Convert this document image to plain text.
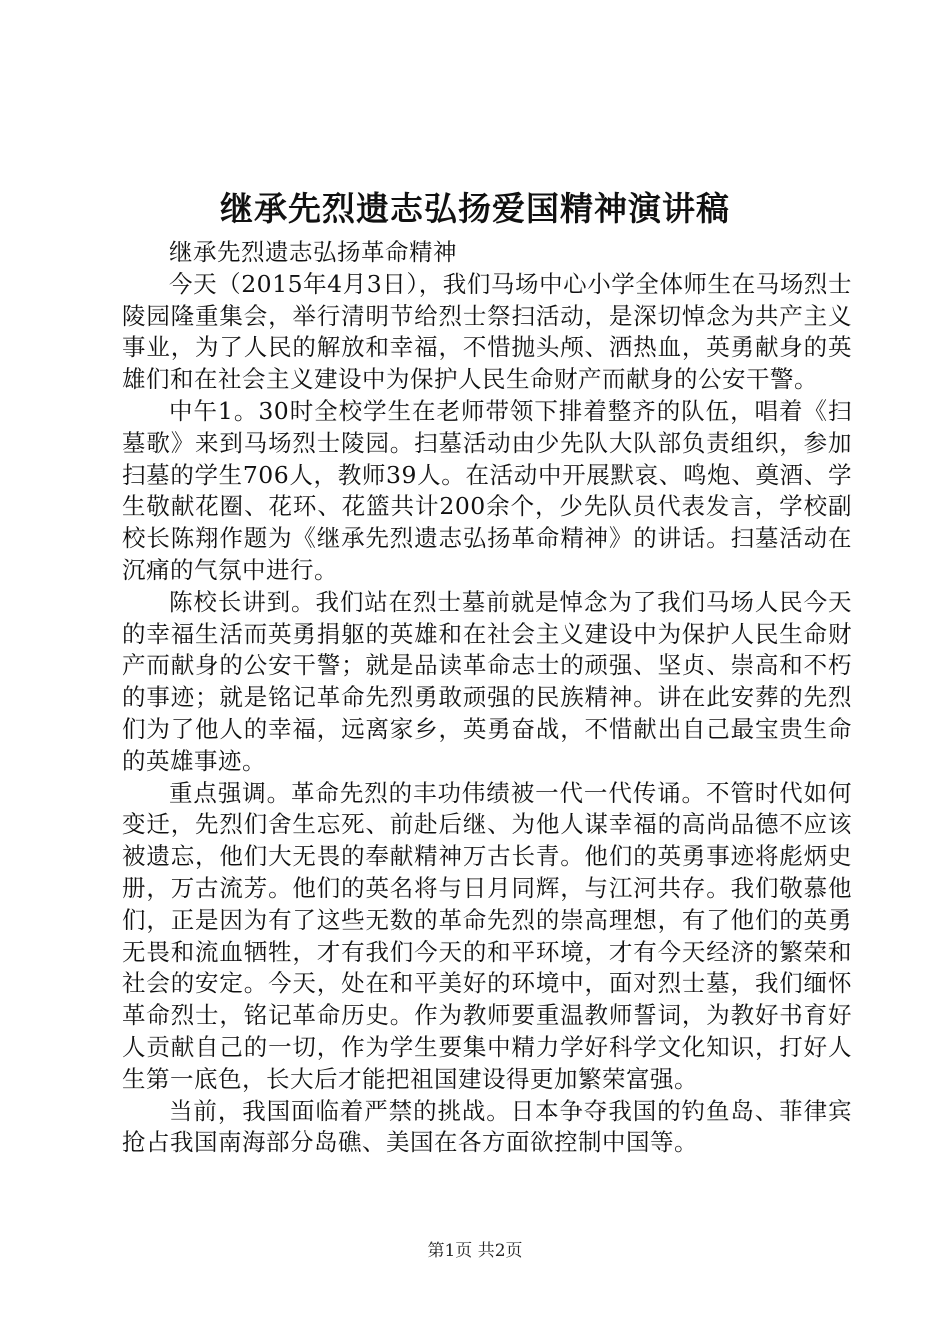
继承先烈遗志弘扬爱国精神演讲稿

继承先烈遗志弘扬革命精神

今天（2015年4月3日），我们马场中心小学全体师生在马场烈士陵园隆重集会，举行清明节给烈士祭扫活动，是深切悼念为共产主义事业，为了人民的解放和幸福，不惜抛头颅、洒热血，英勇献身的英雄们和在社会主义建设中为保护人民生命财产而献身的公安干警。

中午1。30时全校学生在老师带领下排着整齐的队伍，唱着《扫墓歌》来到马场烈士陵园。扫墓活动由少先队大队部负责组织，参加扫墓的学生706人，教师39人。在活动中开展默哀、鸣炮、奠酒、学生敬献花圈、花环、花篮共计200余个，少先队员代表发言，学校副校长陈翔作题为《继承先烈遗志弘扬革命精神》的讲话。扫墓活动在沉痛的气氛中进行。

陈校长讲到。我们站在烈士墓前就是悼念为了我们马场人民今天的幸福生活而英勇捐躯的英雄和在社会主义建设中为保护人民生命财产而献身的公安干警；就是品读革命志士的顽强、坚贞、崇高和不朽的事迹；就是铭记革命先烈勇敢顽强的民族精神。讲在此安葬的先烈们为了他人的幸福，远离家乡，英勇奋战，不惜献出自己最宝贵生命的英雄事迹。

重点强调。革命先烈的丰功伟绩被一代一代传诵。不管时代如何变迁，先烈们舍生忘死、前赴后继、为他人谋幸福的高尚品德不应该被遗忘，他们大无畏的奉献精神万古长青。他们的英勇事迹将彪炳史册，万古流芳。他们的英名将与日月同辉，与江河共存。我们敬慕他们，正是因为有了这些无数的革命先烈的崇高理想，有了他们的英勇无畏和流血牺牲，才有我们今天的和平环境，才有今天经济的繁荣和社会的安定。今天，处在和平美好的环境中，面对烈士墓，我们缅怀革命烈士，铭记革命历史。作为教师要重温教师誓词，为教好书育好人贡献自己的一切，作为学生要集中精力学好科学文化知识，打好人生第一底色，长大后才能把祖国建设得更加繁荣富强。

当前，我国面临着严禁的挑战。日本争夺我国的钓鱼岛、菲律宾抢占我国南海部分岛礁、美国在各方面欲控制中国等。

第1页 共2页
